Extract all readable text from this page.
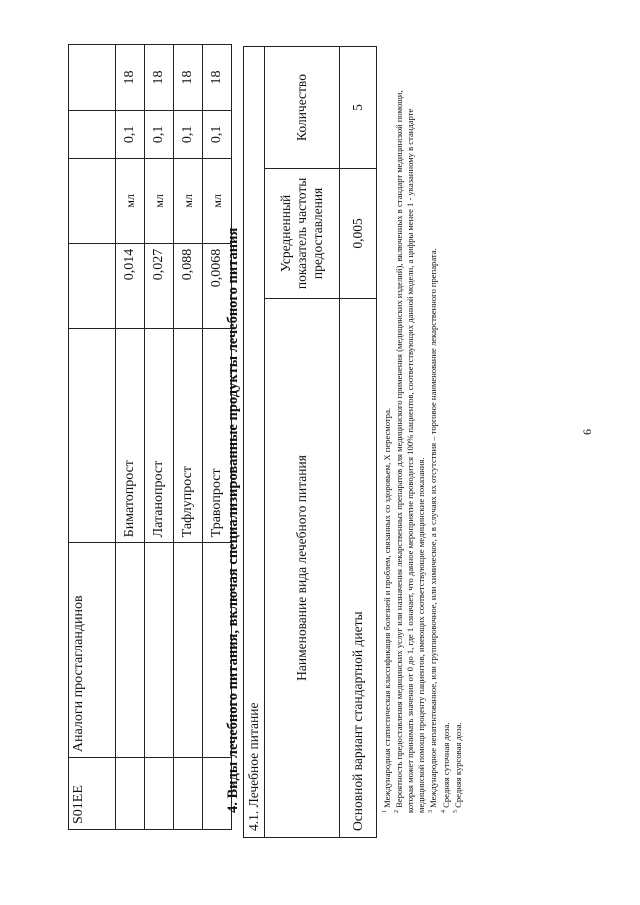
6
S01EE	Аналоги простагландинов					
		Биматопрост	0,014	мл	0,1	18
		Латанопрост	0,027	мл	0,1	18
		Тафлупрост	0,088	мл	0,1	18
		Травопрост	0,0068	мл	0,1	18
4. Виды лечебного питания, включая специализированные продукты лечебного питания 4.1. Лечебное питание		
Наименование вида лечебного питания	Усредненный показатель частоты предоставления	Количество
Основной вариант стандартной диеты	0,005	5

$^1$ Международная статистическая классификация болезней и проблем, связанных со здоровьем, X пересмотра.

$^2$ Вероятность предоставления медицинских услуг или назначения лекарственных препаратов для медицинского применения (медицинских изделий), включенных в стандарт медицинской помощи, которая может принимать значения от 0 до 1, где 1 означает, что данное мероприятие проводится 100% пациентов, соответствующих данной модели, а цифры менее 1 - указанному в стандарте медицинской помощи проценту пациентов, имеющих соответствующие медицинские показания. $^3$ Международное непатентованное, или группировочное, или химическое, а в случаях их отсутствия – торговое наименование лекарственного препарата.

$^4$ Средняя суточная доза.

$^5$ Средняя курсовая доза.
